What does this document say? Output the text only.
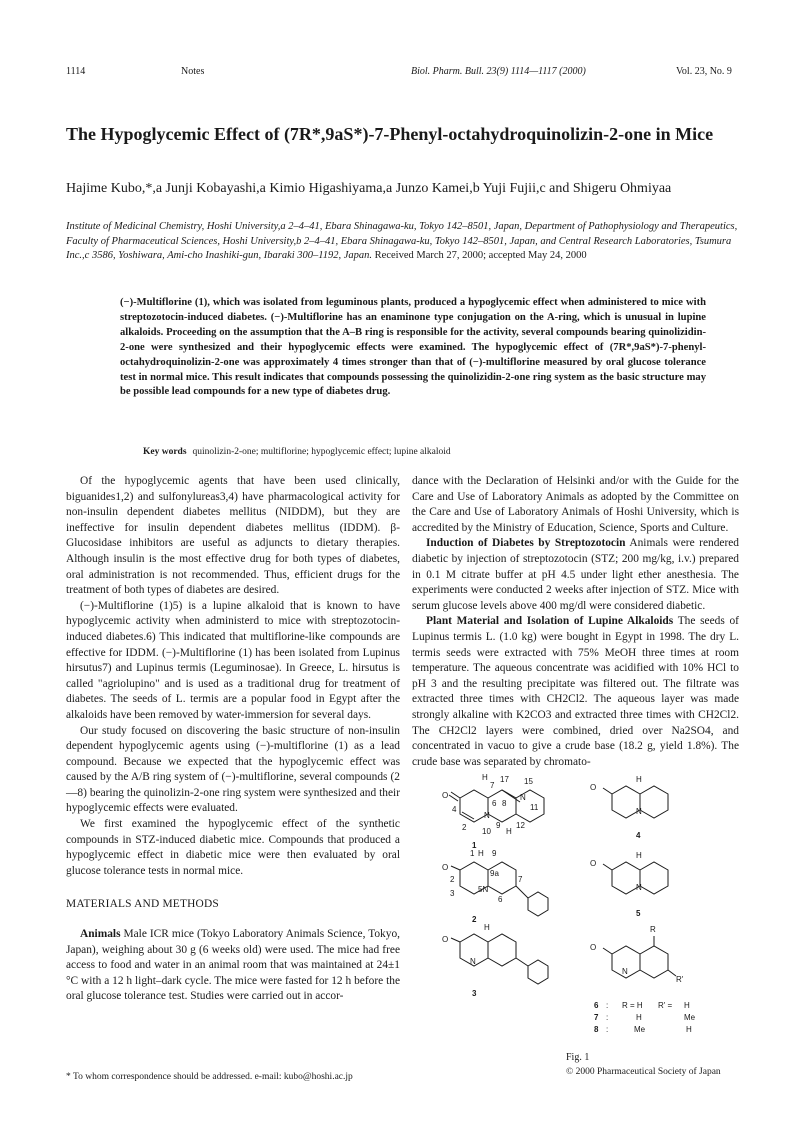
1114	Notes	Biol. Pharm. Bull. 23(9) 1114—1117 (2000)	Vol. 23, No. 9
The Hypoglycemic Effect of (7R*,9aS*)-7-Phenyl-octahydroquinolizin-2-one in Mice
Hajime Kubo,*,a Junji Kobayashi,a Kimio Higashiyama,a Junzo Kamei,b Yuji Fujii,c and Shigeru Ohmiyaa
Institute of Medicinal Chemistry, Hoshi University,a 2–4–41, Ebara Shinagawa-ku, Tokyo 142–8501, Japan, Department of Pathophysiology and Therapeutics, Faculty of Pharmaceutical Sciences, Hoshi University,b 2–4–41, Ebara Shinagawa-ku, Tokyo 142–8501, Japan, and Central Research Laboratories, Tsumura Inc.,c 3586, Yoshiwara, Ami-cho Inashiki-gun, Ibaraki 300–1192, Japan. Received March 27, 2000; accepted May 24, 2000
(−)-Multiflorine (1), which was isolated from leguminous plants, produced a hypoglycemic effect when administered to mice with streptozotocin-induced diabetes. (−)-Multiflorine has an enaminone type conjugation on the A-ring, which is unusual in lupine alkaloids. Proceeding on the assumption that the A–B ring is responsible for the activity, several compounds bearing quinolizidin-2-one were synthesized and their hypoglycemic effects were examined. The hypoglycemic effect of (7R*,9aS*)-7-phenyl-octahydroquinolizin-2-one was approximately 4 times stronger than that of (−)-multiflorine measured by oral glucose tolerance test in normal mice. This result indicates that compounds possessing the quinolizidin-2-one ring system as the basic structure may be possible lead compounds for a new type of diabetes drug.
Key words quinolizin-2-one; multiflorine; hypoglycemic effect; lupine alkaloid

Of the hypoglycemic agents that have been used clinically, biguanides1,2) and sulfonylureas3,4) have pharmacological activity for non-insulin dependent diabetes mellitus (NIDDM), but they are ineffective for insulin dependent diabetes mellitus (IDDM). β-Glucosidase inhibitors are useful as adjuncts to dietary therapies. Although insulin is the most effective drug for both types of diabetes, oral administration is not recommended. Thus, efficient drugs for the treatment of both types of diabetes are desired.

(−)-Multiflorine (1)5) is a lupine alkaloid that is known to have hypoglycemic activity when administerd to mice with streptozotocin-induced diabetes.6) This indicated that multiflorine-like compounds are effective for IDDM. (−)-Multiflorine (1) has been isolated from Lupinus hirsutus7) and Lupinus termis (Leguminosae). In Greece, L. hirsutus is called "agriolupino" and is used as a traditional drug for treatment of diabetes. The seeds of L. termis are a popular food in Egypt after the alkaloids have been removed by water-immersion for several days.

Our study focused on discovering the basic structure of non-insulin dependent hypoglycemic agents using (−)-multiflorine (1) as a lead compound. Because we expected that the hypoglycemic effect was caused by the A/B ring system of (−)-multiflorine, several compounds (2—8) bearing the quinolizin-2-one ring system were synthesized and their hypoglycemic effects were evaluated.

We first examined the hypoglycemic effect of the synthetic compounds in STZ-induced diabetic mice. Compounds that produced a hypoglycemic effect in diabetic mice were then evaluated by oral glucose tolerance tests in normal mice.

MATERIALS AND METHODS

Animals Male ICR mice (Tokyo Laboratory Animals Science, Tokyo, Japan), weighing about 30 g (6 weeks old) were used. The mice had free access to food and water in an animal room that was maintained at 24±1 °C with a 12 h light–dark cycle. The mice were fasted for 12 h before the oral glucose tolerance test. Studies were carried out in accor-

dance with the Declaration of Helsinki and/or with the Guide for the Care and Use of Laboratory Animals as adopted by the Committee on the Care and Use of Laboratory Animals of Hoshi University, which is accredited by the Ministry of Education, Science, Sports and Culture.

Induction of Diabetes by Streptozotocin Animals were rendered diabetic by injection of streptozotocin (STZ; 200 mg/kg, i.v.) prepared in 0.1 M citrate buffer at pH 4.5 under light ether anesthesia. The experiments were conducted 2 weeks after injection of STZ. Mice with serum glucose levels above 400 mg/dl were considered diabetic.

Plant Material and Isolation of Lupine Alkaloids The seeds of Lupinus termis L. (1.0 kg) were bought in Egypt in 1998. The dry L. termis seeds were extracted with 75% MeOH three times at room temperature. The aqueous concentrate was acidified with 10% HCl to pH 3 and the resulting precipitate was filtered out. The filtrate was extracted three times with CH2Cl2. The aqueous layer was made strongly alkaline with K2CO3 and extracted three times with CH2Cl2. The CH2Cl2 layers were combined, dried over Na2SO4, and concentrated in vacuo to give a crude base (18.2 g, yield 1.8%). The crude base was separated by chromato-

O
H
7
17 15
N
11
6 8
4
N
9 12
2 10 H
1
O
H
N
4
O
1 H 9
9a
7
2
3	5N
6
2
O
H
N
5
O
H
N
3
O
R
R'
N
6 : R = H R' = H
7 :	H	Me
8 :	Me	H
Fig. 1
* To whom correspondence should be addressed. e-mail: kubo@hoshi.ac.jp	© 2000 Pharmaceutical Society of Japan
